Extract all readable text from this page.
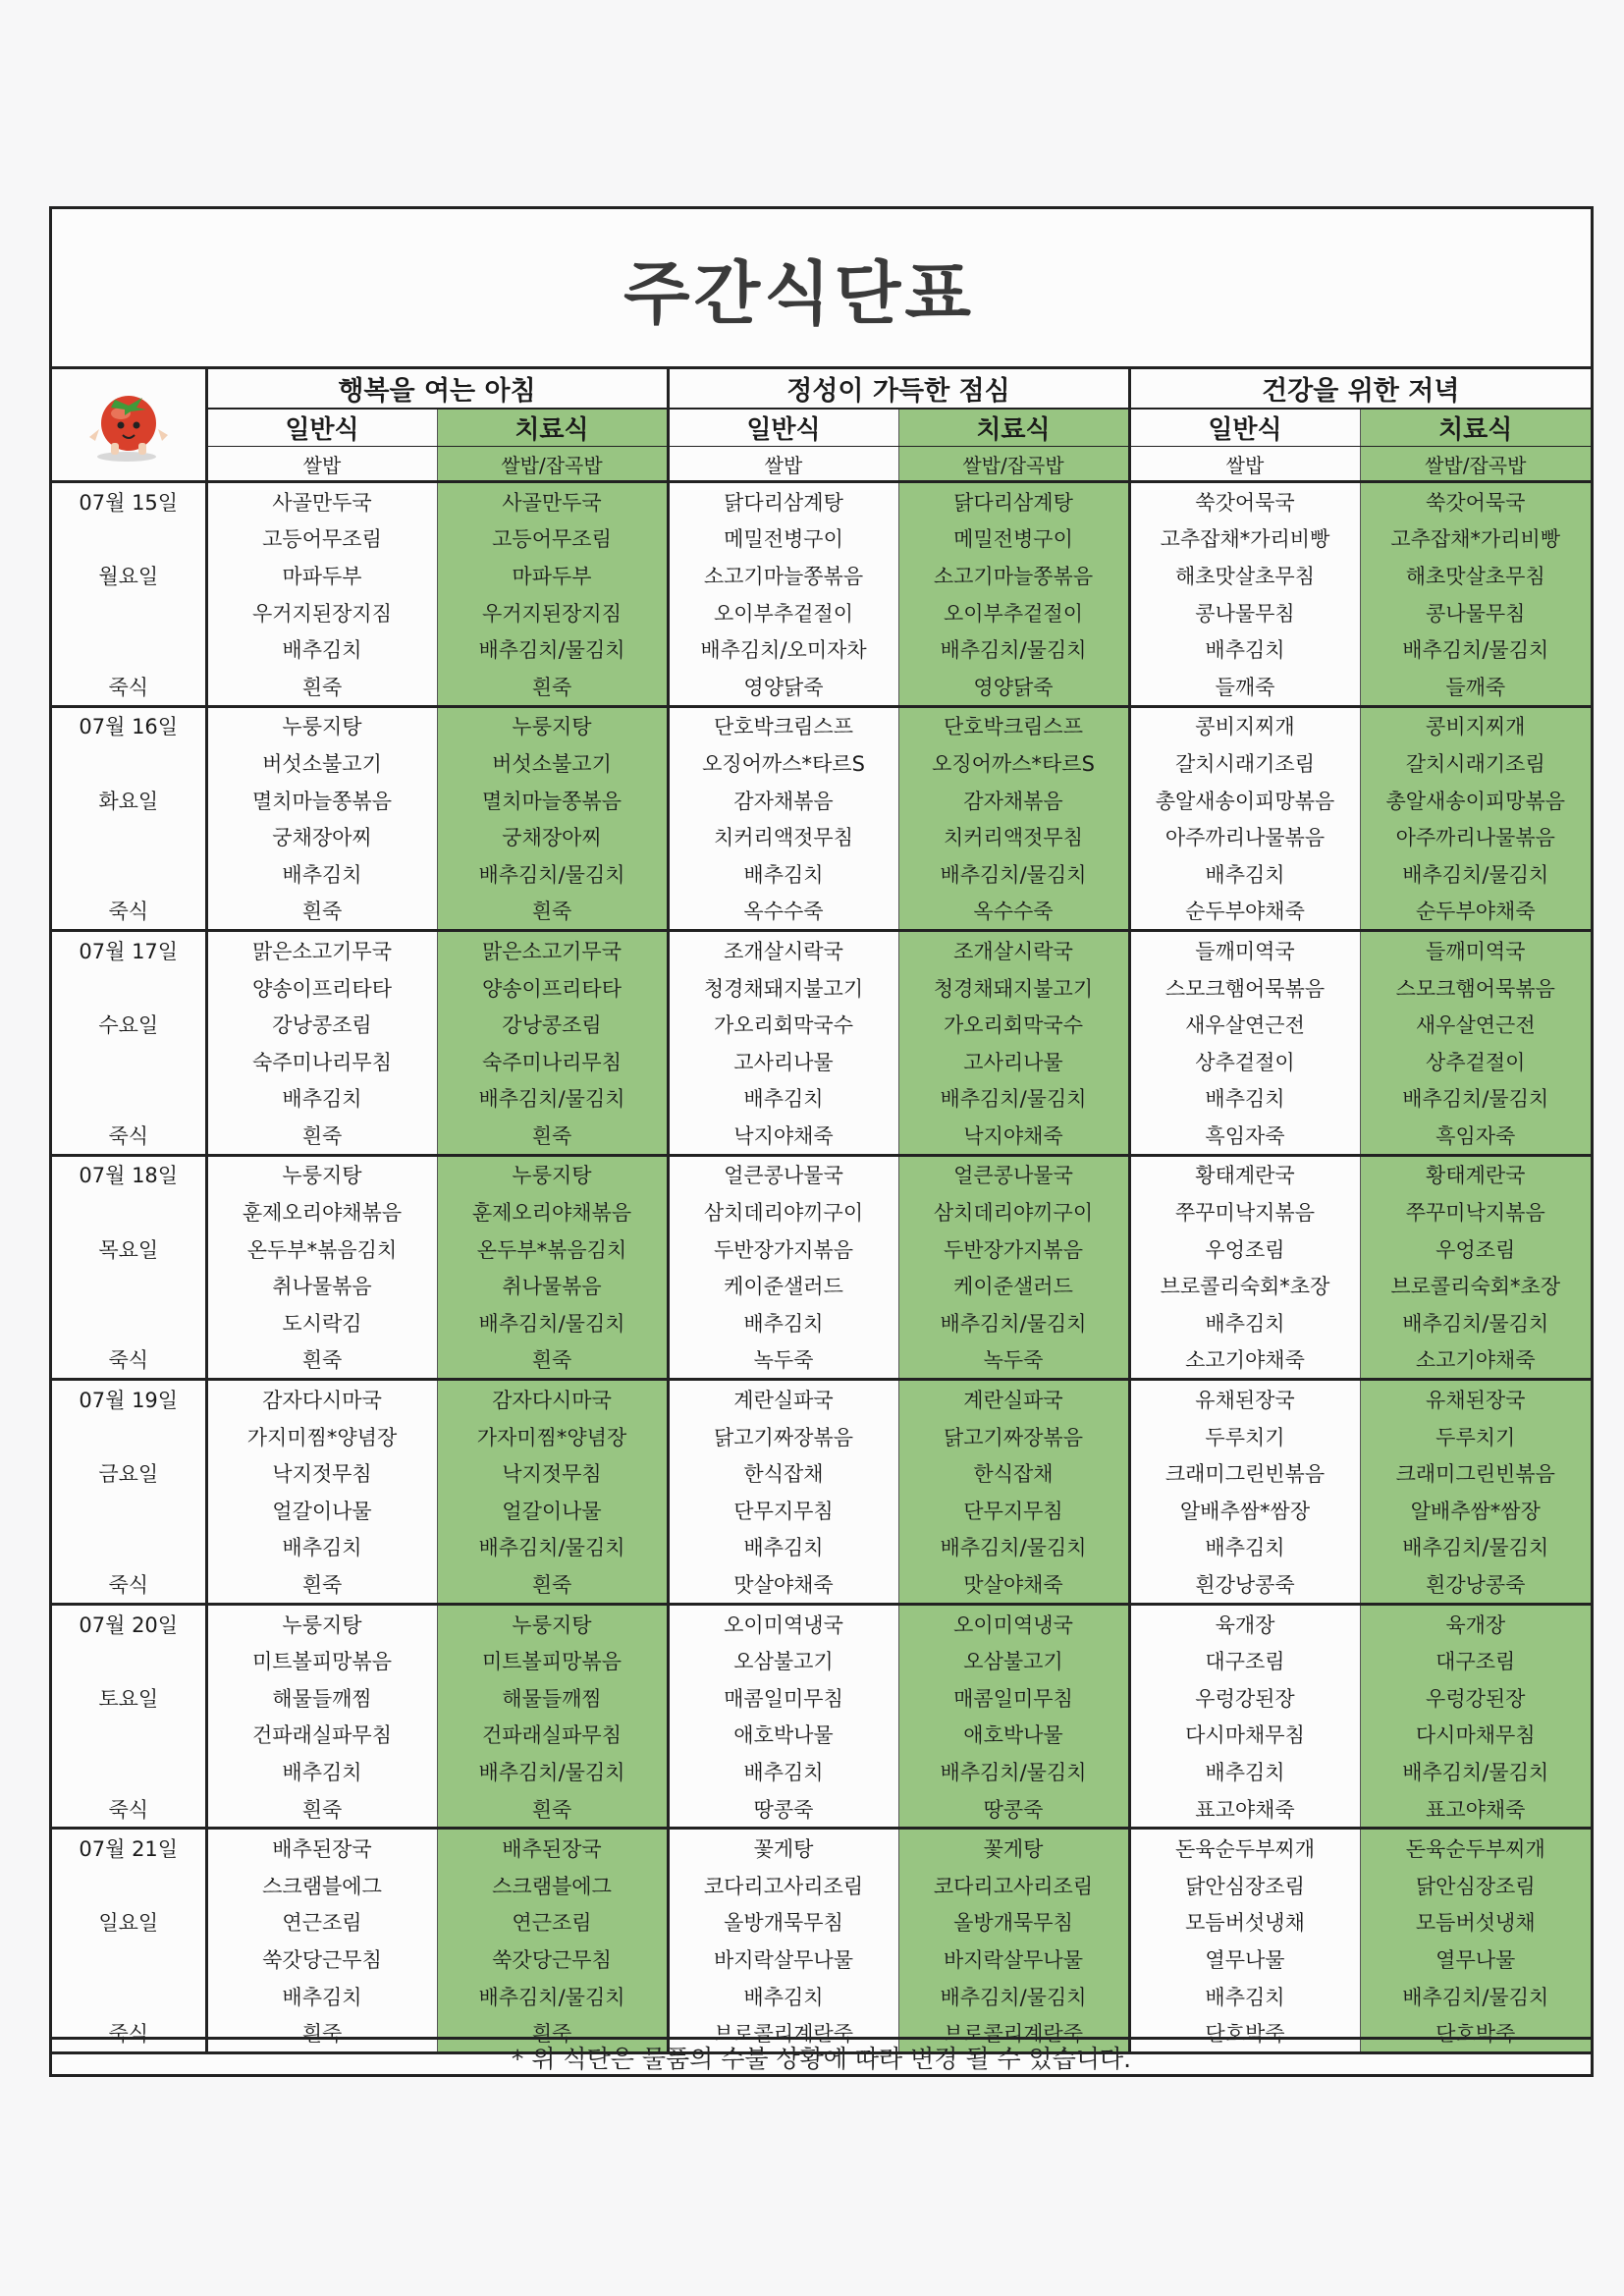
주간식단표
	행복을 여는 아침		정성이 가득한 점심		건강을 위한 저녁	
	일반식	치료식	일반식	치료식	일반식	치료식
	쌀밥	쌀밥/잡곡밥	쌀밥	쌀밥/잡곡밥	쌀밥	쌀밥/잡곡밥
07월 15일	사골만두국	사골만두국	닭다리삼계탕	닭다리삼계탕	쑥갓어묵국	쑥갓어묵국
	고등어무조림	고등어무조림	메밀전병구이	메밀전병구이	고추잡채*가리비빵	고추잡채*가리비빵
월요일	마파두부	마파두부	소고기마늘쫑볶음	소고기마늘쫑볶음	해초맛살초무침	해초맛살초무침
	우거지된장지짐	우거지된장지짐	오이부추겉절이	오이부추겉절이	콩나물무침	콩나물무침
	배추김치	배추김치/물김치	배추김치/오미자차	배추김치/물김치	배추김치	배추김치/물김치
죽식	흰죽	흰죽	영양닭죽	영양닭죽	들깨죽	들깨죽
07월 16일	누룽지탕	누룽지탕	단호박크림스프	단호박크림스프	콩비지찌개	콩비지찌개
	버섯소불고기	버섯소불고기	오징어까스*타르S	오징어까스*타르S	갈치시래기조림	갈치시래기조림
화요일	멸치마늘쫑볶음	멸치마늘쫑볶음	감자채볶음	감자채볶음	총알새송이피망볶음	총알새송이피망볶음
	궁채장아찌	궁채장아찌	치커리액젓무침	치커리액젓무침	아주까리나물볶음	아주까리나물볶음
	배추김치	배추김치/물김치	배추김치	배추김치/물김치	배추김치	배추김치/물김치
죽식	흰죽	흰죽	옥수수죽	옥수수죽	순두부야채죽	순두부야채죽
07월 17일	맑은소고기무국	맑은소고기무국	조개살시락국	조개살시락국	들깨미역국	들깨미역국
	양송이프리타타	양송이프리타타	청경채돼지불고기	청경채돼지불고기	스모크햄어묵볶음	스모크햄어묵볶음
수요일	강낭콩조림	강낭콩조림	가오리회막국수	가오리회막국수	새우살연근전	새우살연근전
	숙주미나리무침	숙주미나리무침	고사리나물	고사리나물	상추겉절이	상추겉절이
	배추김치	배추김치/물김치	배추김치	배추김치/물김치	배추김치	배추김치/물김치
죽식	흰죽	흰죽	낙지야채죽	낙지야채죽	흑임자죽	흑임자죽
07월 18일	누룽지탕	누룽지탕	얼큰콩나물국	얼큰콩나물국	황태계란국	황태계란국
	훈제오리야채볶음	훈제오리야채볶음	삼치데리야끼구이	삼치데리야끼구이	쭈꾸미낙지볶음	쭈꾸미낙지볶음
목요일	온두부*볶음김치	온두부*볶음김치	두반장가지볶음	두반장가지볶음	우엉조림	우엉조림
	취나물볶음	취나물볶음	케이준샐러드	케이준샐러드	브로콜리숙회*초장	브로콜리숙회*초장
	도시락김	배추김치/물김치	배추김치	배추김치/물김치	배추김치	배추김치/물김치
죽식	흰죽	흰죽	녹두죽	녹두죽	소고기야채죽	소고기야채죽
07월 19일	감자다시마국	감자다시마국	계란실파국	계란실파국	유채된장국	유채된장국
	가지미찜*양념장	가자미찜*양념장	닭고기짜장볶음	닭고기짜장볶음	두루치기	두루치기
금요일	낙지젓무침	낙지젓무침	한식잡채	한식잡채	크래미그린빈볶음	크래미그린빈볶음
	얼갈이나물	얼갈이나물	단무지무침	단무지무침	알배추쌈*쌈장	알배추쌈*쌈장
	배추김치	배추김치/물김치	배추김치	배추김치/물김치	배추김치	배추김치/물김치
죽식	흰죽	흰죽	맛살야채죽	맛살야채죽	흰강낭콩죽	흰강낭콩죽
07월 20일	누룽지탕	누룽지탕	오이미역냉국	오이미역냉국	육개장	육개장
	미트볼피망볶음	미트볼피망볶음	오삼불고기	오삼불고기	대구조림	대구조림
토요일	해물들깨찜	해물들깨찜	매콤일미무침	매콤일미무침	우렁강된장	우렁강된장
	건파래실파무침	건파래실파무침	애호박나물	애호박나물	다시마채무침	다시마채무침
	배추김치	배추김치/물김치	배추김치	배추김치/물김치	배추김치	배추김치/물김치
죽식	흰죽	흰죽	땅콩죽	땅콩죽	표고야채죽	표고야채죽
07월 21일	배추된장국	배추된장국	꽃게탕	꽃게탕	돈육순두부찌개	돈육순두부찌개
	스크램블에그	스크램블에그	코다리고사리조림	코다리고사리조림	닭안심장조림	닭안심장조림
일요일	연근조림	연근조림	올방개묵무침	올방개묵무침	모듬버섯냉채	모듬버섯냉채
	쑥갓당근무침	쑥갓당근무침	바지락살무나물	바지락살무나물	열무나물	열무나물
	배추김치	배추김치/물김치	배추김치	배추김치/물김치	배추김치	배추김치/물김치
죽식	흰죽	흰죽	브로콜리계란죽	브로콜리계란죽	단호박죽	단호박죽
* 위 식단은 물품의 수불 상황에 따라 변경 될 수 있습니다.
